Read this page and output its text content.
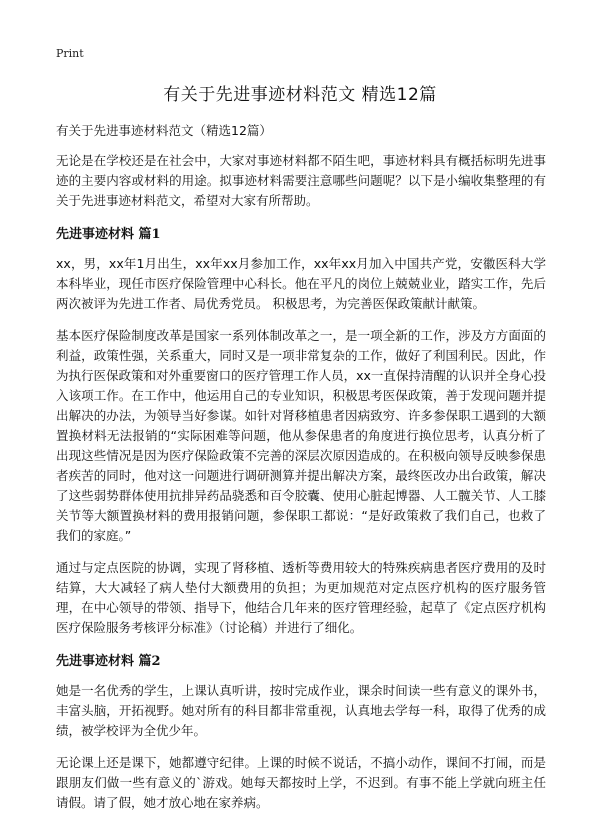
Print
有关于先进事迹材料范文 精选12篇
有关于先进事迹材料范文（精选12篇）

无论是在学校还是在社会中，大家对事迹材料都不陌生吧，事迹材料具有概括标明先进事迹的主要内容或材料的用途。拟事迹材料需要注意哪些问题呢？以下是小编收集整理的有关于先进事迹材料范文，希望对大家有所帮助。

先进事迹材料 篇1

xx，男，xx年1月出生，xx年xx月参加工作，xx年xx月加入中国共产党，安徽医科大学本科毕业，现任市医疗保险管理中心科长。他在平凡的岗位上兢兢业业，踏实工作，先后两次被评为先进工作者、局优秀党员。 积极思考，为完善医保政策献计献策。

基本医疗保险制度改革是国家一系列体制改革之一，是一项全新的工作，涉及方方面面的利益，政策性强，关系重大，同时又是一项非常复杂的工作，做好了利国利民。因此，作为执行医保政策和对外重要窗口的医疗管理工作人员，xx一直保持清醒的认识并全身心投入该项工作。在工作中，他运用自己的专业知识，积极思考医保政策，善于发现问题并提出解决的办法，为领导当好参谋。如针对肾移植患者因病致穷、许多参保职工遇到的大额置换材料无法报销的“实际困难等问题，他从参保患者的角度进行换位思考，认真分析了出现这些情况是因为医疗保险政策不完善的深层次原因造成的。在积极向领导反映参保患者疾苦的同时，他对这一问题进行调研测算并提出解决方案，最终医改办出台政策，解决了这些弱势群体使用抗排异药品骁悉和百令胶囊、使用心脏起博器、人工髋关节、人工膝关节等大额置换材料的费用报销问题，参保职工都说：“是好政策救了我们自己，也救了我们的家庭。”

通过与定点医院的协调，实现了肾移植、透析等费用较大的特殊疾病患者医疗费用的及时结算，大大减轻了病人垫付大额费用的负担；为更加规范对定点医疗机构的医疗服务管理，在中心领导的带领、指导下，他结合几年来的医疗管理经验，起草了《定点医疗机构医疗保险服务考核评分标准》（讨论稿）并进行了细化。

先进事迹材料 篇2

她是一名优秀的学生，上课认真听讲，按时完成作业，课余时间读一些有意义的课外书，丰富头脑，开拓视野。她对所有的科目都非常重视，认真地去学每一科，取得了优秀的成绩，被学校评为全优少年。

无论课上还是课下，她都遵守纪律。上课的时候不说话，不搞小动作，课间不打闹，而是跟朋友们做一些有意义的`游戏。她每天都按时上学，不迟到。有事不能上学就向班主任请假。请了假，她才放心地在家养病。
